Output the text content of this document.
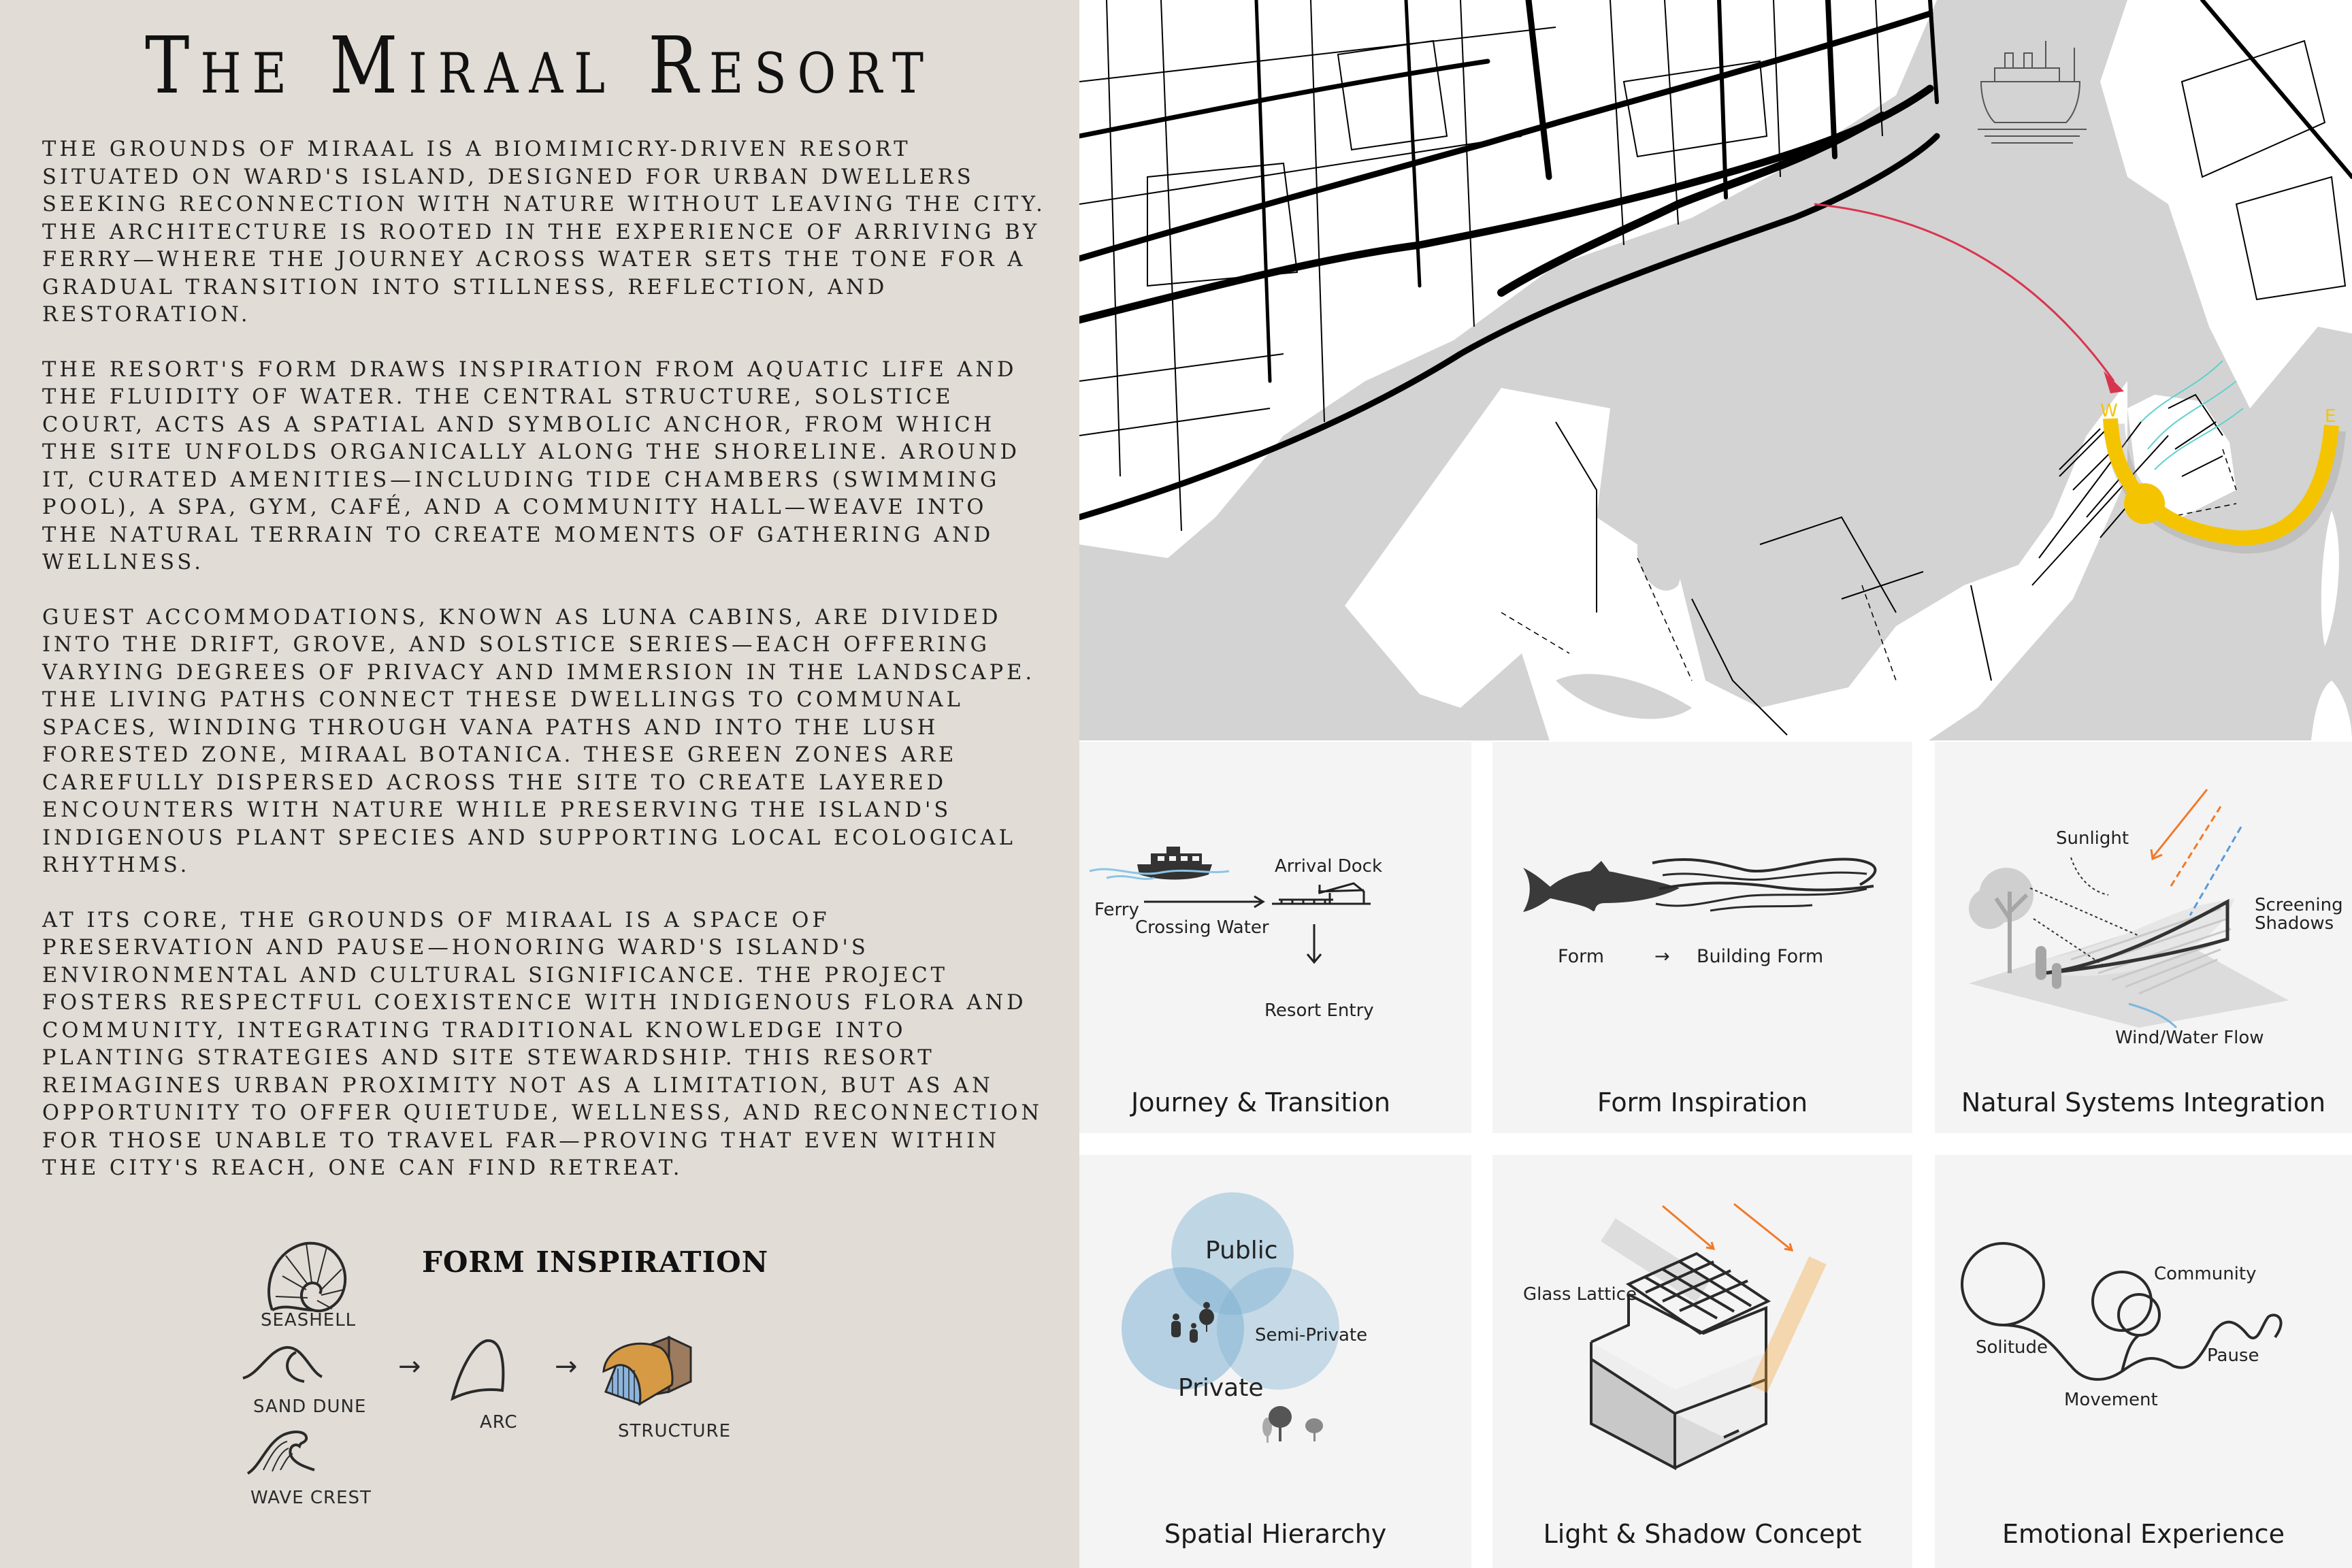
The Miraal Resort

THE GROUNDS OF MIRAAL IS A BIOMIMICRY-DRIVEN RESORT SITUATED ON WARD'S ISLAND, DESIGNED FOR URBAN DWELLERS SEEKING RECONNECTION WITH NATURE WITHOUT LEAVING THE CITY. THE ARCHITECTURE IS ROOTED IN THE EXPERIENCE OF ARRIVING BY FERRY—WHERE THE JOURNEY ACROSS WATER SETS THE TONE FOR A GRADUAL TRANSITION INTO STILLNESS, REFLECTION, AND RESTORATION.

THE RESORT'S FORM DRAWS INSPIRATION FROM AQUATIC LIFE AND THE FLUIDITY OF WATER. THE CENTRAL STRUCTURE, SOLSTICE COURT, ACTS AS A SPATIAL AND SYMBOLIC ANCHOR, FROM WHICH THE SITE UNFOLDS ORGANICALLY ALONG THE SHORELINE. AROUND IT, CURATED AMENITIES—INCLUDING TIDE CHAMBERS (SWIMMING POOL), A SPA, GYM, CAFÉ, AND A COMMUNITY HALL—WEAVE INTO THE NATURAL TERRAIN TO CREATE MOMENTS OF GATHERING AND WELLNESS.

GUEST ACCOMMODATIONS, KNOWN AS LUNA CABINS, ARE DIVIDED INTO THE DRIFT, GROVE, AND SOLSTICE SERIES—EACH OFFERING VARYING DEGREES OF PRIVACY AND IMMERSION IN THE LANDSCAPE. THE LIVING PATHS CONNECT THESE DWELLINGS TO COMMUNAL SPACES, WINDING THROUGH VANA PATHS AND INTO THE LUSH FORESTED ZONE, MIRAAL BOTANICA. THESE GREEN ZONES ARE CAREFULLY DISPERSED ACROSS THE SITE TO CREATE LAYERED ENCOUNTERS WITH NATURE WHILE PRESERVING THE ISLAND'S INDIGENOUS PLANT SPECIES AND SUPPORTING LOCAL ECOLOGICAL RHYTHMS.

AT ITS CORE, THE GROUNDS OF MIRAAL IS A SPACE OF PRESERVATION AND PAUSE—HONORING WARD'S ISLAND'S ENVIRONMENTAL AND CULTURAL SIGNIFICANCE. THE PROJECT FOSTERS RESPECTFUL COEXISTENCE WITH INDIGENOUS FLORA AND COMMUNITY, INTEGRATING TRADITIONAL KNOWLEDGE INTO PLANTING STRATEGIES AND SITE STEWARDSHIP. THIS RESORT REIMAGINES URBAN PROXIMITY NOT AS A LIMITATION, BUT AS AN OPPORTUNITY TO OFFER QUIETUDE, WELLNESS, AND RECONNECTION FOR THOSE UNABLE TO TRAVEL FAR—PROVING THAT EVEN WITHIN THE CITY'S REACH, ONE CAN FIND RETREAT.

FORM INSPIRATION
SEASHELL
SAND DUNE
WAVE CREST
→
ARC
→
STRUCTURE
W	E
Ferry
Crossing Water
Arrival Dock
Resort Entry
Journey & Transition
Form	→ Building Form
Form Inspiration
Sunlight
Screening
Shadows
Wind/Water Flow
Natural Systems Integration
Public
Semi-Private
Private
Spatial Hierarchy
Glass Lattice
Light & Shadow Concept
Solitude
Community
Movement
Pause
Emotional Experience
